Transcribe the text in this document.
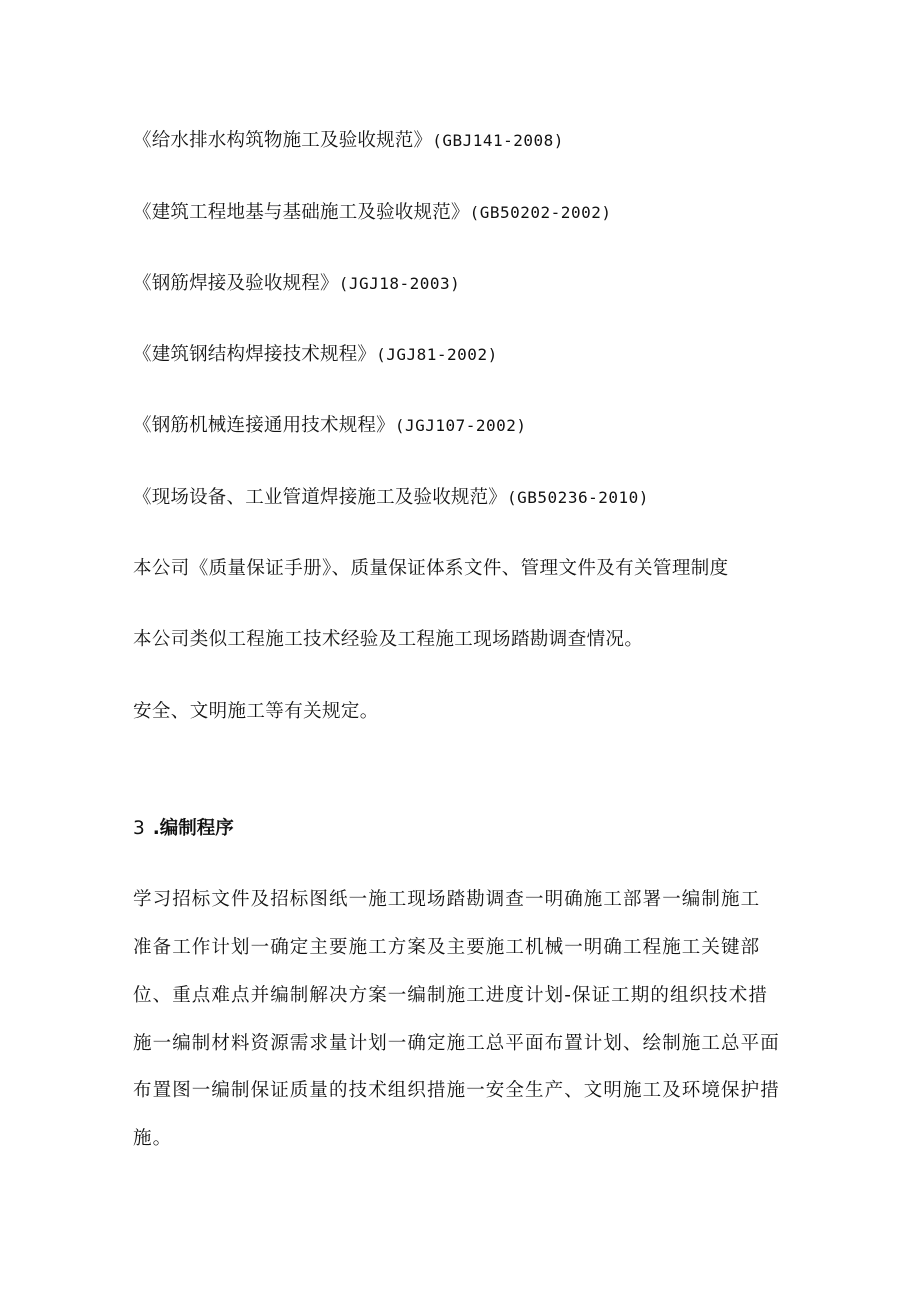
《给水排水构筑物施工及验收规范》(GBJ141-2008)
《建筑工程地基与基础施工及验收规范》(GB50202-2002)
《钢筋焊接及验收规程》(JGJ18-2003)
《建筑钢结构焊接技术规程》(JGJ81-2002)
《钢筋机械连接通用技术规程》(JGJ107-2002)
《现场设备、工业管道焊接施工及验收规范》(GB50236-2010)
本公司《质量保证手册》、质量保证体系文件、管理文件及有关管理制度
本公司类似工程施工技术经验及工程施工现场踏勘调查情况。
安全、文明施工等有关规定。
3 .编制程序
学习招标文件及招标图纸一施工现场踏勘调查一明确施工部署一编制施工
准备工作计划一确定主要施工方案及主要施工机械一明确工程施工关键部
位、重点难点并编制解决方案一编制施工进度计划-保证工期的组织技术措
施一编制材料资源需求量计划一确定施工总平面布置计划、绘制施工总平面
布置图一编制保证质量的技术组织措施一安全生产、文明施工及环境保护措
施。
